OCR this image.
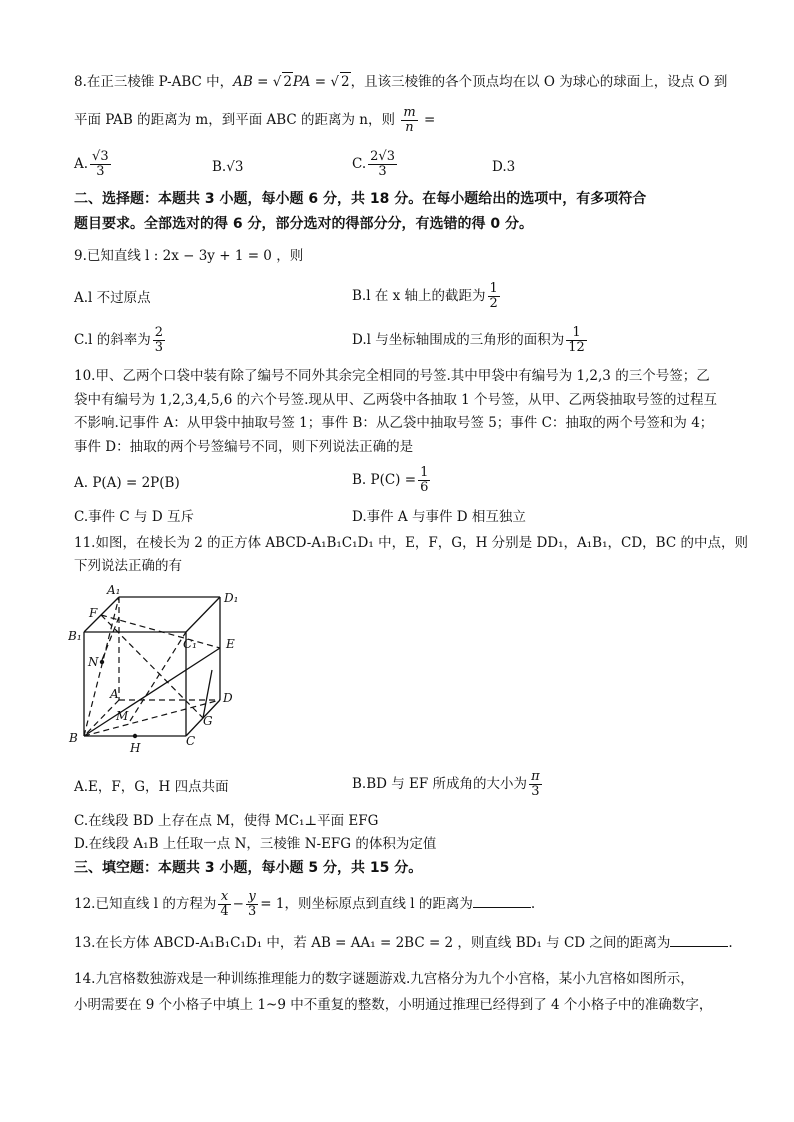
8.在正三棱锥 P-ABC 中，AB = √ 2PA = √ 2，且该三棱锥的各个顶点均在以 O 为球心的球面上，设点 O 到
平面 PAB 的距离为 m，到平面 ABC 的距离为 n，则 $\frac{m}{n}$ =
A. $\frac{√3}{3}$	B.√3	C. $\frac{2√3}{3}$	D.3
二、选择题：本题共 3 小题，每小题 6 分，共 18 分。在每小题给出的选项中，有多项符合
题目要求。全部选对的得 6 分，部分选对的得部分分，有选错的得 0 分。
9.已知直线 l : 2x − 3y + 1 = 0 ，则
A.l 不过原点	B.l 在 x 轴上的截距为 $\frac{1}{2}$
C.l 的斜率为 $\frac{2}{3}$	D.l 与坐标轴围成的三角形的面积为 $\frac{1}{12}$
10.甲、乙两个口袋中装有除了编号不同外其余完全相同的号签.其中甲袋中有编号为 1,2,3 的三个号签；乙
袋中有编号为 1,2,3,4,5,6 的六个号签.现从甲、乙两袋中各抽取 1 个号签，从甲、乙两袋抽取号签的过程互
不影响.记事件 A：从甲袋中抽取号签 1；事件 B：从乙袋中抽取号签 5；事件 C：抽取的两个号签和为 4；
事件 D：抽取的两个号签编号不同，则下列说法正确的是
A. P(A) = 2P(B)	B. $P(C) = \frac{1}{6}$
C.事件 C 与 D 互斥	D.事件 A 与事件 D 相互独立
11.如图，在棱长为 2 的正方体 ABCD-A₁B₁C₁D₁ 中，E，F，G，H 分别是 DD₁，A₁B₁，CD，BC 的中点，则
下列说法正确的有
A₁
D₁
F
B₁
C₁ E
N
A	D
M	G
B
H	C
A.E，F，G，H 四点共面	B.BD 与 EF 所成角的大小为 $\frac{\pi}{3}$
C.在线段 BD 上存在点 M，使得 MC₁⊥平面 EFG
D.在线段 A₁B 上任取一点 N，三棱锥 N-EFG 的体积为定值
三、填空题：本题共 3 小题，每小题 5 分，共 15 分。
12.已知直线 l 的方程为 $\frac{x}{4} - \frac{y}{3} = 1$，则坐标原点到直线 l 的距离为	.
13.在长方体 ABCD-A₁B₁C₁D₁ 中，若 AB = AA₁ = 2BC = 2 ，则直线 BD₁ 与 CD 之间的距离为	.
14.九宫格数独游戏是一种训练推理能力的数字谜题游戏.九宫格分为九个小宫格，某小九宫格如图所示，
小明需要在 9 个小格子中填上 1~9 中不重复的整数，小明通过推理已经得到了 4 个小格子中的准确数字，
